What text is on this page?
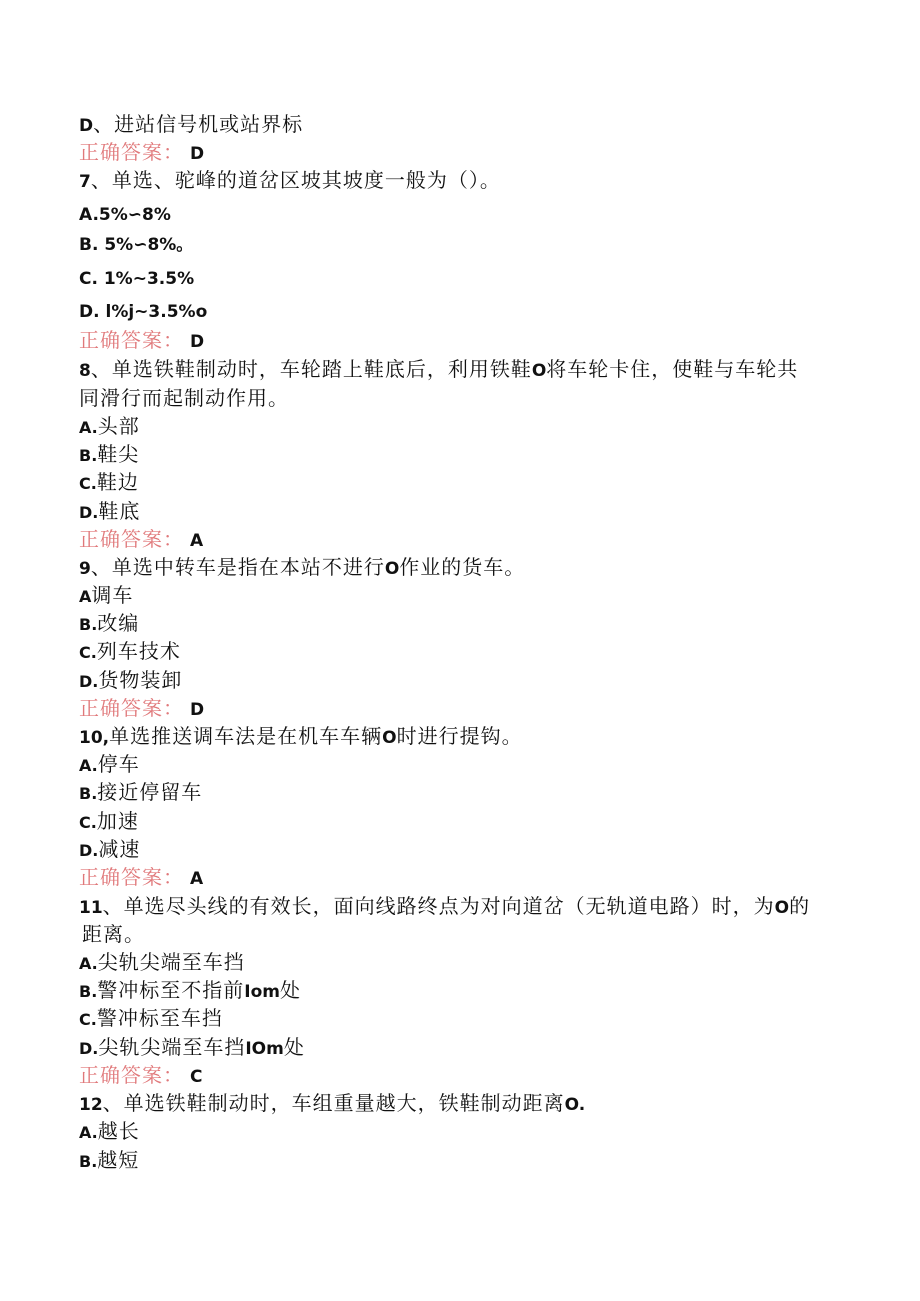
D、进站信号机或站界标
正确答案： D
7、单选、驼峰的道岔区坡其坡度一般为（）。
A.5%∽8%
B. 5%∽8%。
C. 1%~3.5%
D. l%j~3.5%o
正确答案： D
8、单选铁鞋制动时，车轮踏上鞋底后，利用铁鞋O将车轮卡住，使鞋与车轮共
同滑行而起制动作用。
A.头部
B.鞋尖
C.鞋边
D.鞋底
正确答案： A
9、单选中转车是指在本站不进行O作业的货车。
A调车
B.改编
C.列车技术
D.货物装卸
正确答案： D
10,单选推送调车法是在机车车辆O时进行提钩。
A.停车
B.接近停留车
C.加速
D.减速
正确答案： A
11、单选尽头线的有效长，面向线路终点为对向道岔（无轨道电路）时，为O的
距离。
A.尖轨尖端至车挡
B.警冲标至不指前Iom处
C.警冲标至车挡
D.尖轨尖端至车挡IOm处
正确答案： C
12、单选铁鞋制动时，车组重量越大，铁鞋制动距离O.
A.越长
B.越短
